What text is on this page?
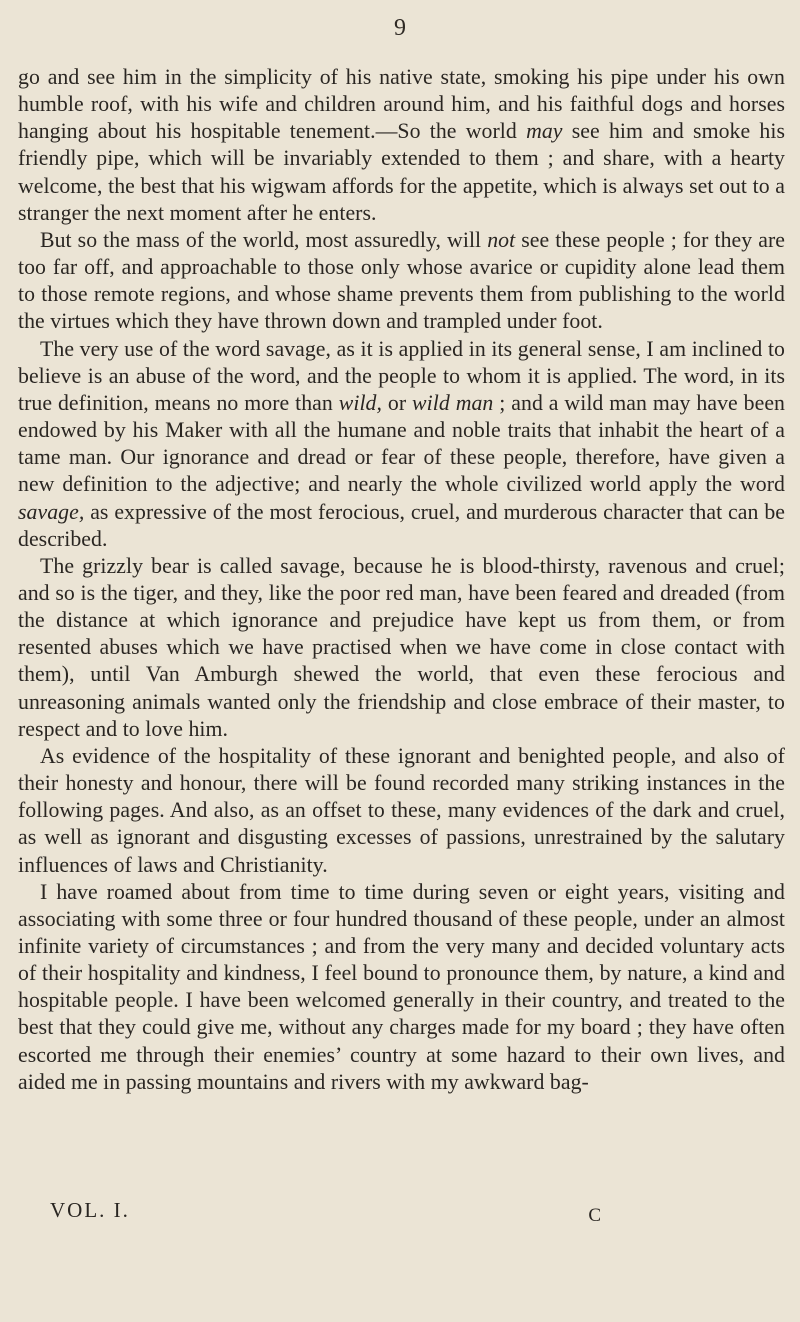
9

go and see him in the simplicity of his native state, smoking his pipe under his own humble roof, with his wife and children around him, and his faithful dogs and horses hanging about his hospitable tenement.—So the world may see him and smoke his friendly pipe, which will be invariably extended to them ; and share, with a hearty welcome, the best that his wigwam affords for the appetite, which is always set out to a stranger the next moment after he enters.

But so the mass of the world, most assuredly, will not see these people ; for they are too far off, and approachable to those only whose avarice or cupidity alone lead them to those remote regions, and whose shame prevents them from publishing to the world the virtues which they have thrown down and trampled under foot.

The very use of the word savage, as it is applied in its general sense, I am inclined to believe is an abuse of the word, and the people to whom it is applied. The word, in its true definition, means no more than wild, or wild man ; and a wild man may have been endowed by his Maker with all the humane and noble traits that inhabit the heart of a tame man. Our ignorance and dread or fear of these people, therefore, have given a new definition to the adjective; and nearly the whole civilized world apply the word savage, as expressive of the most ferocious, cruel, and murderous character that can be described.

The grizzly bear is called savage, because he is blood-thirsty, ravenous and cruel; and so is the tiger, and they, like the poor red man, have been feared and dreaded (from the distance at which ignorance and prejudice have kept us from them, or from resented abuses which we have practised when we have come in close contact with them), until Van Amburgh shewed the world, that even these ferocious and unreasoning animals wanted only the friendship and close embrace of their master, to respect and to love him.

As evidence of the hospitality of these ignorant and benighted people, and also of their honesty and honour, there will be found recorded many striking instances in the following pages. And also, as an offset to these, many evidences of the dark and cruel, as well as ignorant and disgusting excesses of passions, unrestrained by the salutary influences of laws and Christianity.

I have roamed about from time to time during seven or eight years, visiting and associating with some three or four hundred thousand of these people, under an almost infinite variety of circumstances ; and from the very many and decided voluntary acts of their hospitality and kindness, I feel bound to pronounce them, by nature, a kind and hospitable people. I have been welcomed generally in their country, and treated to the best that they could give me, without any charges made for my board ; they have often escorted me through their enemies’ country at some hazard to their own lives, and aided me in passing mountains and rivers with my awkward bag-

VOL. I.	C
